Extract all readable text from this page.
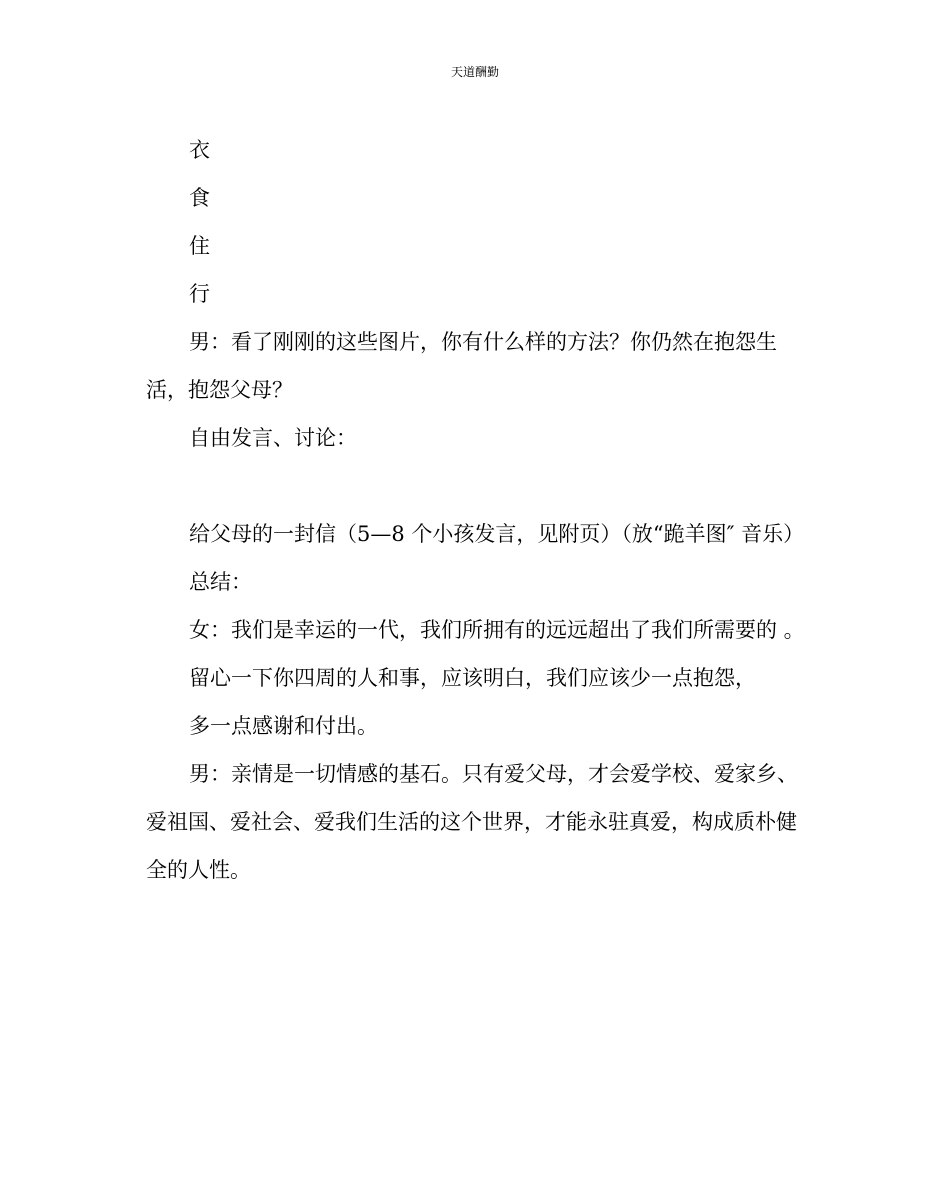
天道酬勤

衣

食

住

行

男：看了刚刚的这些图片，你有什么样的方法？你仍然在抱怨生活，抱怨父母？

自由发言、讨论：

给父母的一封信（5—8 个小孩发言，见附页）（放“跪羊图″ 音乐）

总结：

女：我们是幸运的一代，我们所拥有的远远超出了我们所需要的 。

留心一下你四周的人和事，应该明白，我们应该少一点抱怨，

多一点感谢和付出。

男：亲情是一切情感的基石。只有爱父母，才会爱学校、爱家乡、爱祖国、爱社会、爱我们生活的这个世界，才能永驻真爱，构成质朴健全的人性。
